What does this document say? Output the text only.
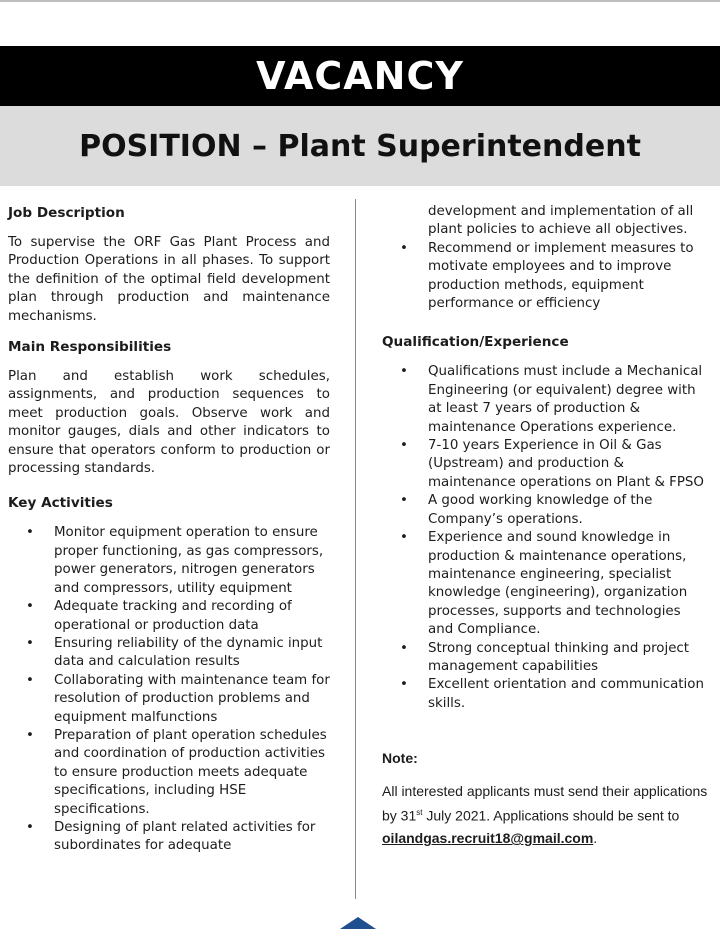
VACANCY
POSITION – Plant Superintendent
Job Description

To supervise the ORF Gas Plant Process and Production Operations in all phases. To support the definition of the optimal field development plan through production and maintenance mechanisms.

Main Responsibilities

Plan and establish work schedules, assignments, and production sequences to meet production goals. Observe work and monitor gauges, dials and other indicators to ensure that operators conform to production or processing standards.

Key Activities
• Monitor equipment operation to ensure proper functioning, as gas compressors, power generators, nitrogen generators and compressors, utility equipment
• Adequate tracking and recording of operational or production data
• Ensuring reliability of the dynamic input data and calculation results
• Collaborating with maintenance team for resolution of production problems and equipment malfunctions
• Preparation of plant operation schedules and coordination of production activities to ensure production meets adequate specifications, including HSE specifications.
• Designing of plant related activities for subordinates for adequate
development and implementation of all plant policies to achieve all objectives.
• Recommend or implement measures to motivate employees and to improve production methods, equipment performance or efficiency
Qualification/Experience
• Qualifications must include a Mechanical Engineering (or equivalent) degree with at least 7 years of production & maintenance Operations experience.
• 7-10 years Experience in Oil & Gas (Upstream) and production & maintenance operations on Plant & FPSO
• A good working knowledge of the Company’s operations.
• Experience and sound knowledge in production & maintenance operations, maintenance engineering, specialist knowledge (engineering), organization processes, supports and technologies and Compliance.
• Strong conceptual thinking and project management capabilities
• Excellent orientation and communication skills.
Note:

All interested applicants must send their applications by 31st July 2021. Applications should be sent to oilandgas.recruit18@gmail.com.
